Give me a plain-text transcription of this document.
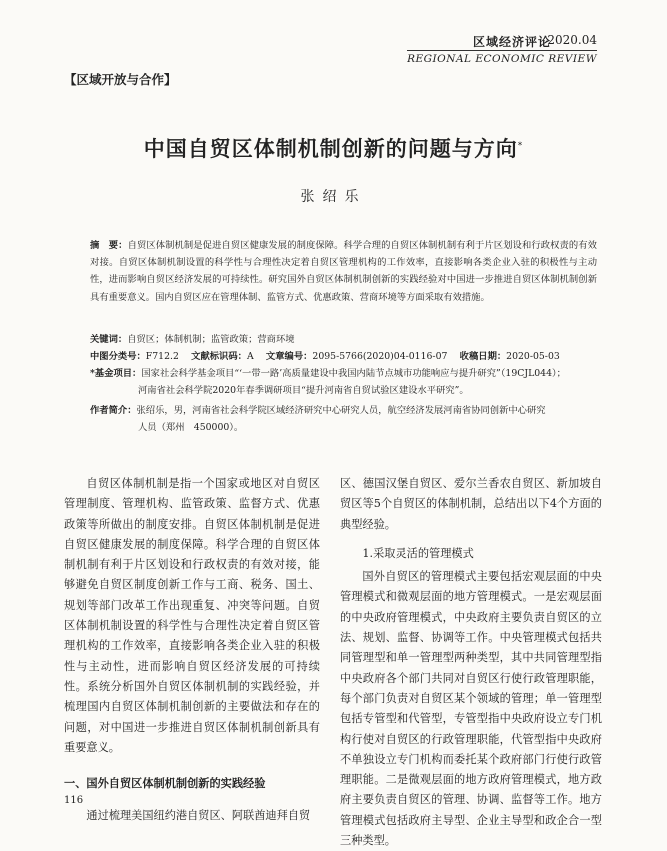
区域经济评论
2020.04
REGIONAL ECONOMIC REVIEW
【区域开放与合作】
中国自贸区体制机制创新的问题与方向*
张绍乐

摘　要：自贸区体制机制是促进自贸区健康发展的制度保障。科学合理的自贸区体制机制有利于片区划设和行政权责的有效对接。自贸区体制机制设置的科学性与合理性决定着自贸区管理机构的工作效率，直接影响各类企业入驻的积极性与主动性，进而影响自贸区经济发展的可持续性。研究国外自贸区体制机制创新的实践经验对中国进一步推进自贸区体制机制创新具有重要意义。国内自贸区应在管理体制、监管方式、优惠政策、营商环境等方面采取有效措施。

关键词：自贸区；体制机制；监管政策；营商环境
中图分类号：F712.2　 文献标识码：A　 文章编号：2095-5766(2020)04-0116-07　 收稿日期：2020-05-03
*基金项目：国家社会科学基金项目“‘一带一路’高质量建设中我国内陆节点城市功能响应与提升研究”（19CJL044）；
河南省社会科学院2020年春季调研项目“提升河南省自贸试验区建设水平研究”。
作者简介：张绍乐，男，河南省社会科学院区域经济研究中心研究人员，航空经济发展河南省协同创新中心研究
人员（郑州　450000）。

自贸区体制机制是指一个国家或地区对自贸区管理制度、管理机构、监管政策、监督方式、优惠政策等所做出的制度安排。自贸区体制机制是促进自贸区健康发展的制度保障。科学合理的自贸区体制机制有利于片区划设和行政权责的有效对接，能够避免自贸区制度创新工作与工商、税务、国土、规划等部门改革工作出现重复、冲突等问题。自贸区体制机制设置的科学性与合理性决定着自贸区管理机构的工作效率，直接影响各类企业入驻的积极性与主动性，进而影响自贸区经济发展的可持续性。系统分析国外自贸区体制机制的实践经验，并梳理国内自贸区体制机制创新的主要做法和存在的问题，对中国进一步推进自贸区体制机制创新具有重要意义。

一、国外自贸区体制机制创新的实践经验

通过梳理美国纽约港自贸区、阿联酋迪拜自贸

区、德国汉堡自贸区、爱尔兰香农自贸区、新加坡自贸区等5个自贸区的体制机制，总结出以下4个方面的典型经验。

1.采取灵活的管理模式

国外自贸区的管理模式主要包括宏观层面的中央管理模式和微观层面的地方管理模式。一是宏观层面的中央政府管理模式，中央政府主要负责自贸区的立法、规划、监督、协调等工作。中央管理模式包括共同管理型和单一管理型两种类型，其中共同管理型指中央政府各个部门共同对自贸区行使行政管理职能，每个部门负责对自贸区某个领域的管理；单一管理型包括专管型和代管型，专管型指中央政府设立专门机构行使对自贸区的行政管理职能，代管型指中央政府不单独设立专门机构而委托某个政府部门行使行政管理职能。二是微观层面的地方政府管理模式，地方政府主要负责自贸区的管理、协调、监督等工作。地方管理模式包括政府主导型、企业主导型和政企合一型三种类型。

116
